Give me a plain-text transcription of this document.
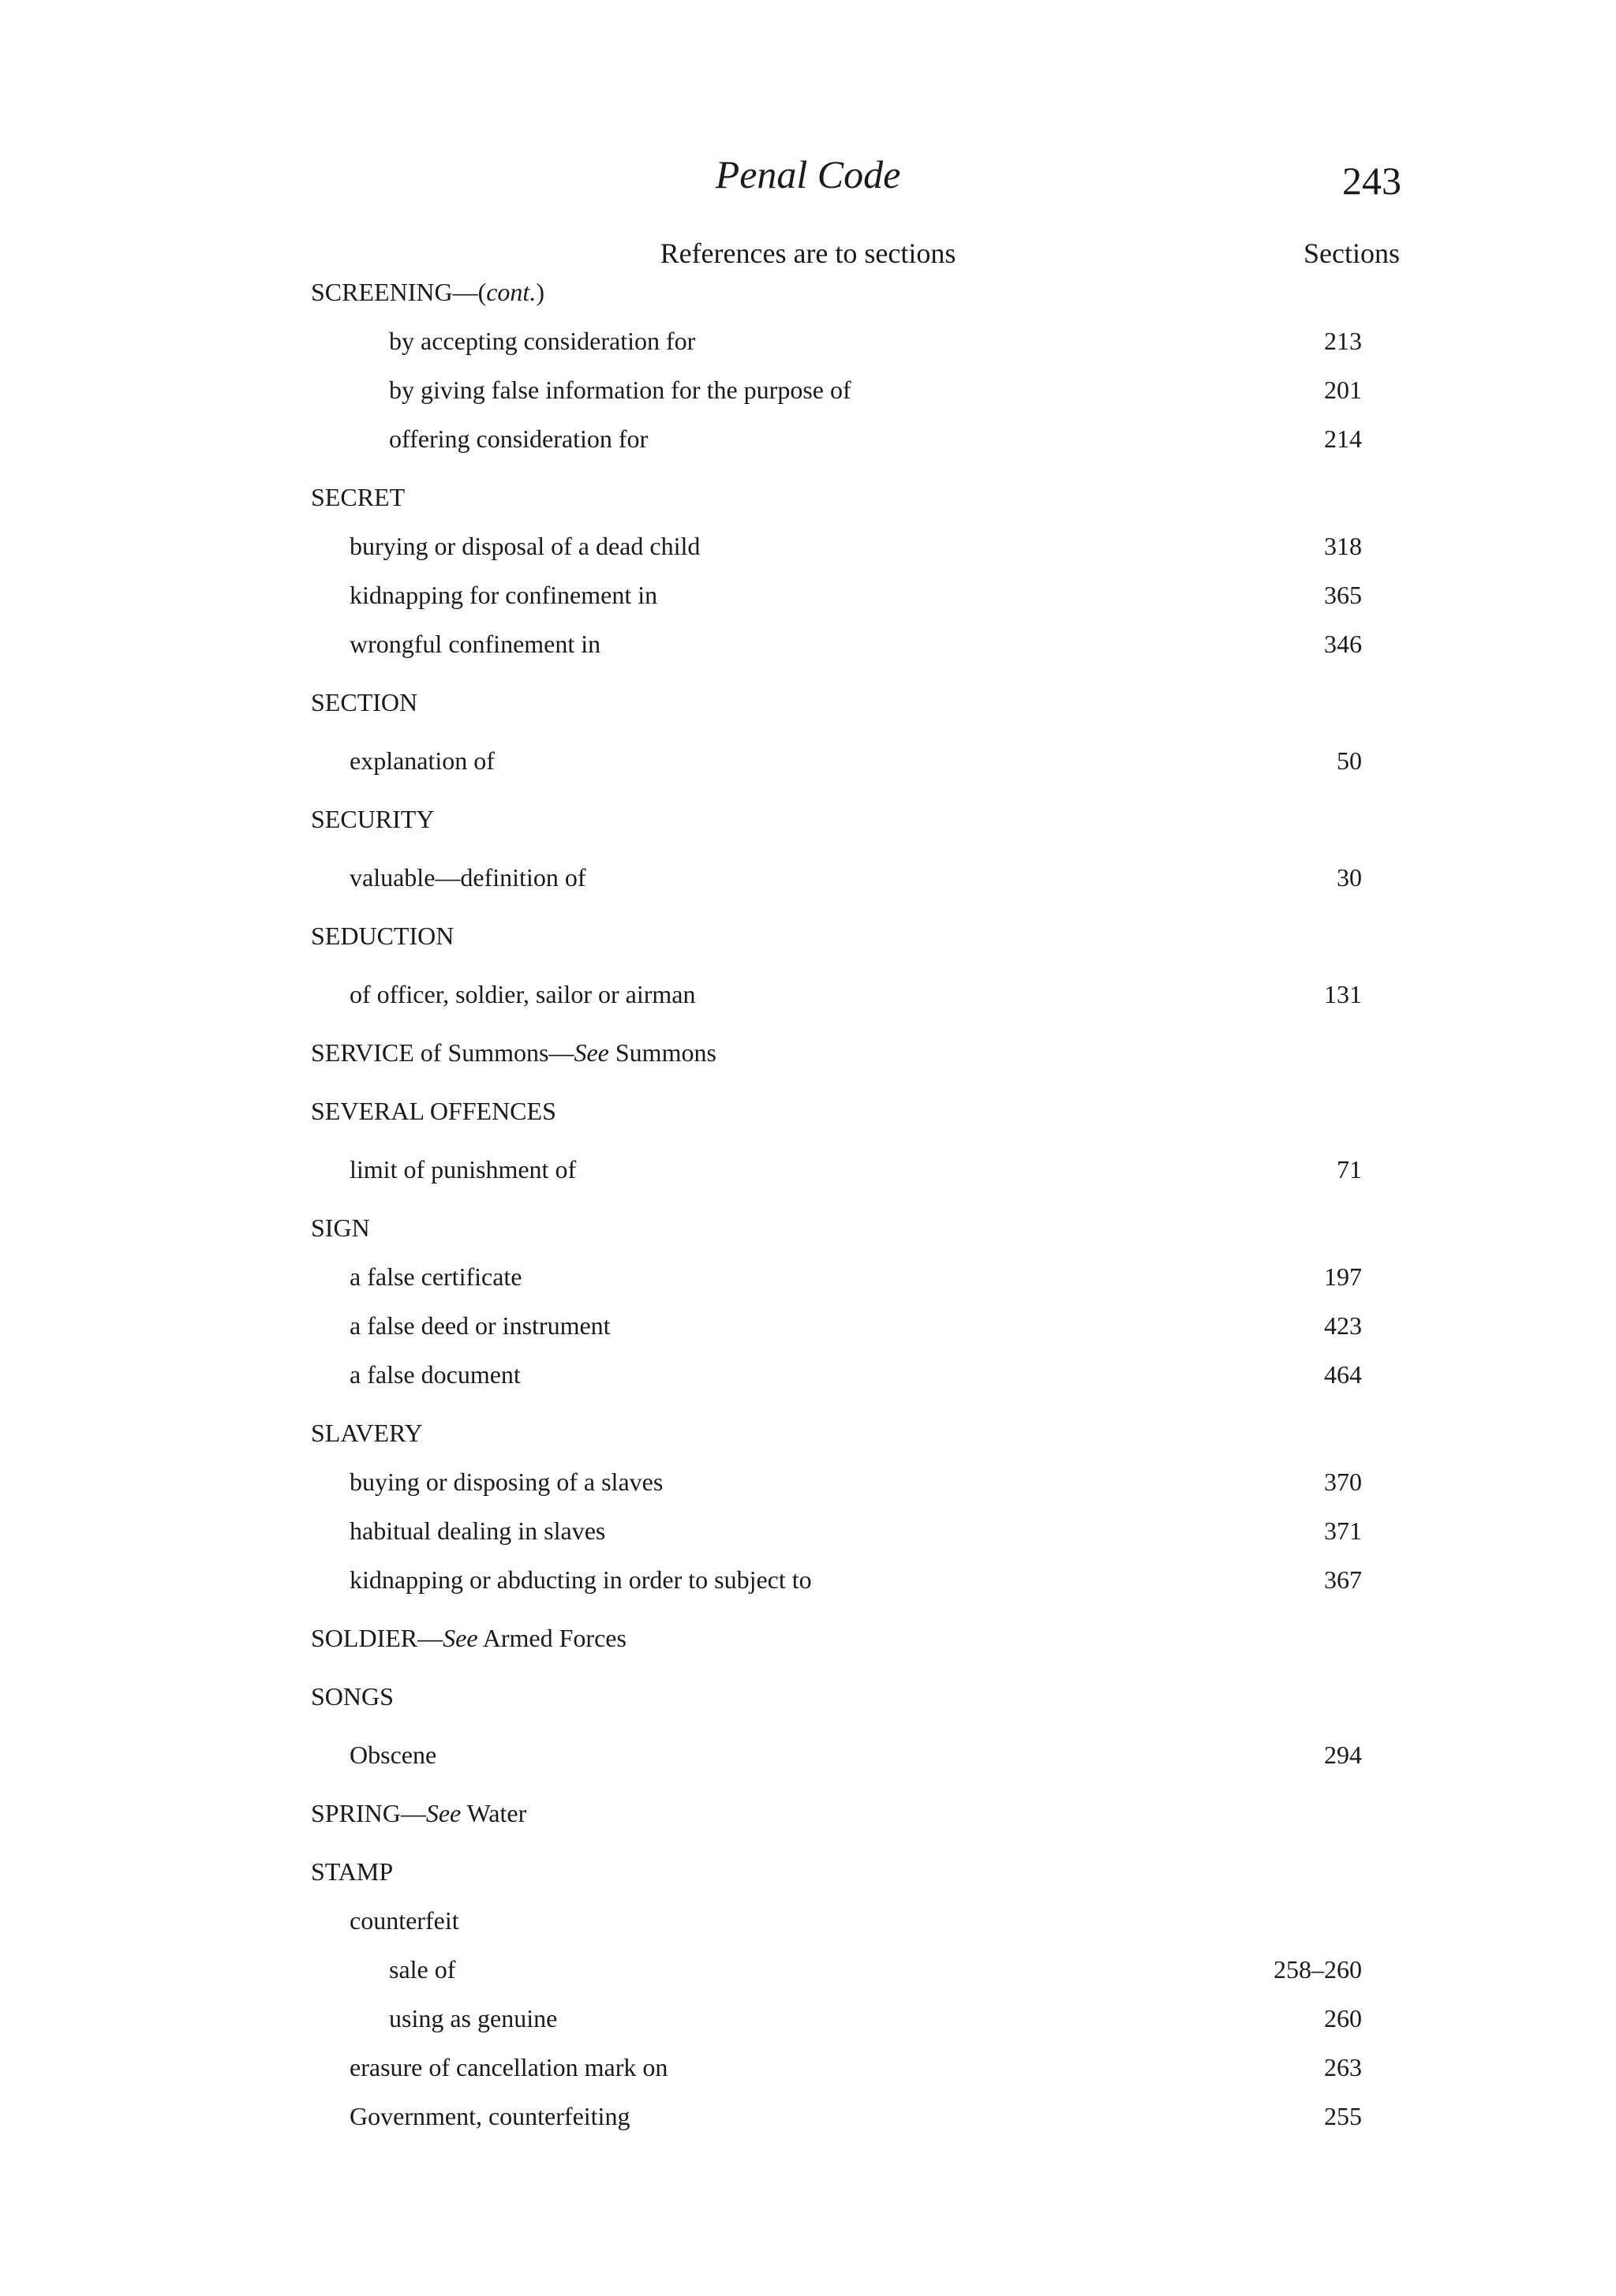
Penal Code	243
References are to sections	Sections
SCREENING—(cont.)
by accepting consideration for	213
by giving false information for the purpose of	201
offering consideration for	214
SECRET
burying or disposal of a dead child	318
kidnapping for confinement in	365
wrongful confinement in	346
SECTION
explanation of	50
SECURITY
valuable—definition of	30
SEDUCTION
of officer, soldier, sailor or airman	131
SERVICE of Summons—See Summons
SEVERAL OFFENCES
limit of punishment of	71
SIGN
a false certificate	197
a false deed or instrument	423
a false document	464
SLAVERY
buying or disposing of a slaves	370
habitual dealing in slaves	371
kidnapping or abducting in order to subject to	367
SOLDIER—See Armed Forces
SONGS
Obscene	294
SPRING—See Water
STAMP
counterfeit
sale of	258–260
using as genuine	260
erasure of cancellation mark on	263
Government, counterfeiting	255
